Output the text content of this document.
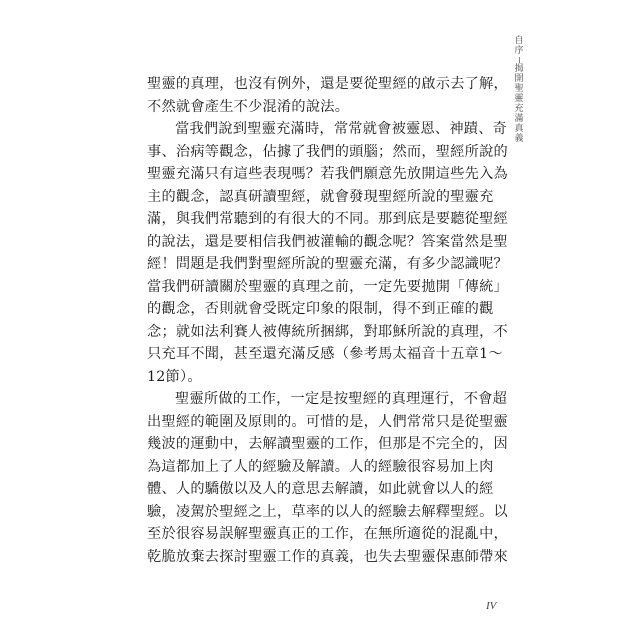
自序
揭開聖靈充滿真義
聖靈的真理，也沒有例外，還是要從聖經的啟示去了解，
不然就會產生不少混淆的說法。
當我們說到聖靈充滿時，常常就會被靈恩、神蹟、奇
事、治病等觀念，佔據了我們的頭腦；然而，聖經所說的
聖靈充滿只有這些表現嗎？若我們願意先放開這些先入為
主的觀念，認真研讀聖經，就會發現聖經所說的聖靈充
滿，與我們常聽到的有很大的不同。那到底是要聽從聖經
的說法，還是要相信我們被灌輸的觀念呢？答案當然是聖
經！問題是我們對聖經所說的聖靈充滿，有多少認識呢？
當我們研讀關於聖靈的真理之前，一定先要拋開「傳統」
的觀念，否則就會受既定印象的限制，得不到正確的觀
念；就如法利賽人被傳統所捆綁，對耶穌所說的真理，不
只充耳不聞，甚至還充滿反感（參考馬太福音十五章1～
12節）。
聖靈所做的工作，一定是按聖經的真理運行，不會超
出聖經的範圍及原則的。可惜的是，人們常常只是從聖靈
幾波的運動中，去解讀聖靈的工作，但那是不完全的，因
為這都加上了人的經驗及解讀。人的經驗很容易加上肉
體、人的驕傲以及人的意思去解讀，如此就會以人的經
驗，凌駕於聖經之上，草率的以人的經驗去解釋聖經。以
至於很容易誤解聖靈真正的工作，在無所適從的混亂中，
乾脆放棄去探討聖靈工作的真義，也失去聖靈保惠師帶來
IV
